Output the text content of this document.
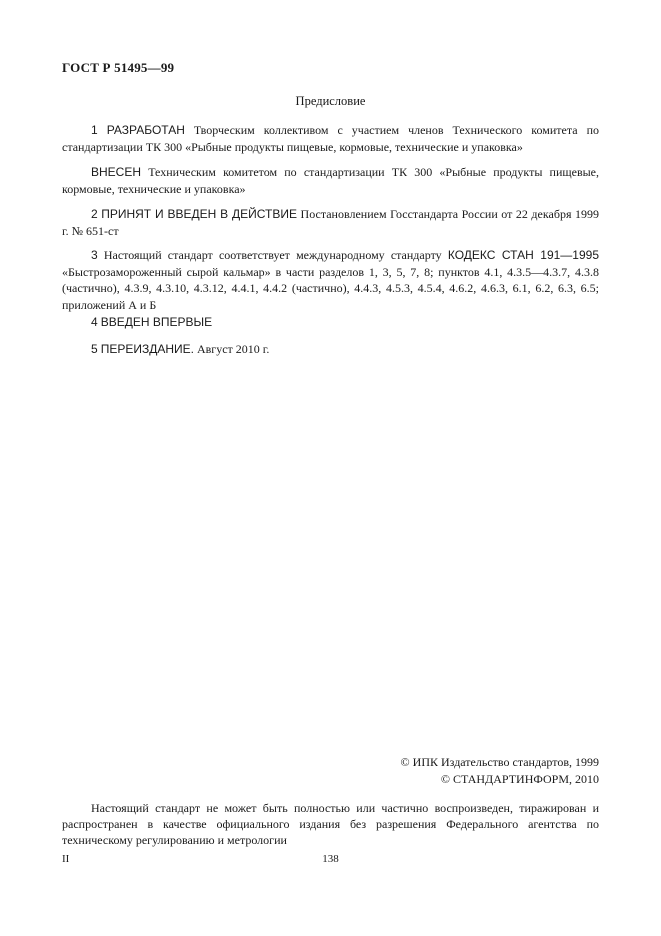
ГОСТ Р 51495—99
Предисловие
1 РАЗРАБОТАН Творческим коллективом с участием членов Технического комитета по стандартизации ТК 300 «Рыбные продукты пищевые, кормовые, технические и упаковка»
ВНЕСЕН Техническим комитетом по стандартизации ТК 300 «Рыбные продукты пищевые, кормовые, технические и упаковка»
2 ПРИНЯТ И ВВЕДЕН В ДЕЙСТВИЕ Постановлением Госстандарта России от 22 декабря 1999 г. № 651-ст
3 Настоящий стандарт соответствует международному стандарту КОДЕКС СТАН 191—1995 «Быстрозамороженный сырой кальмар» в части разделов 1, 3, 5, 7, 8; пунктов 4.1, 4.3.5—4.3.7, 4.3.8 (частично), 4.3.9, 4.3.10, 4.3.12, 4.4.1, 4.4.2 (частично), 4.4.3, 4.5.3, 4.5.4, 4.6.2, 4.6.3, 6.1, 6.2, 6.3, 6.5; приложений А и Б
4 ВВЕДЕН ВПЕРВЫЕ
5 ПЕРЕИЗДАНИЕ. Август 2010 г.
© ИПК Издательство стандартов, 1999
© СТАНДАРТИНФОРМ, 2010
Настоящий стандарт не может быть полностью или частично воспроизведен, тиражирован и распространен в качестве официального издания без разрешения Федерального агентства по техническому регулированию и метрологии
II	138
